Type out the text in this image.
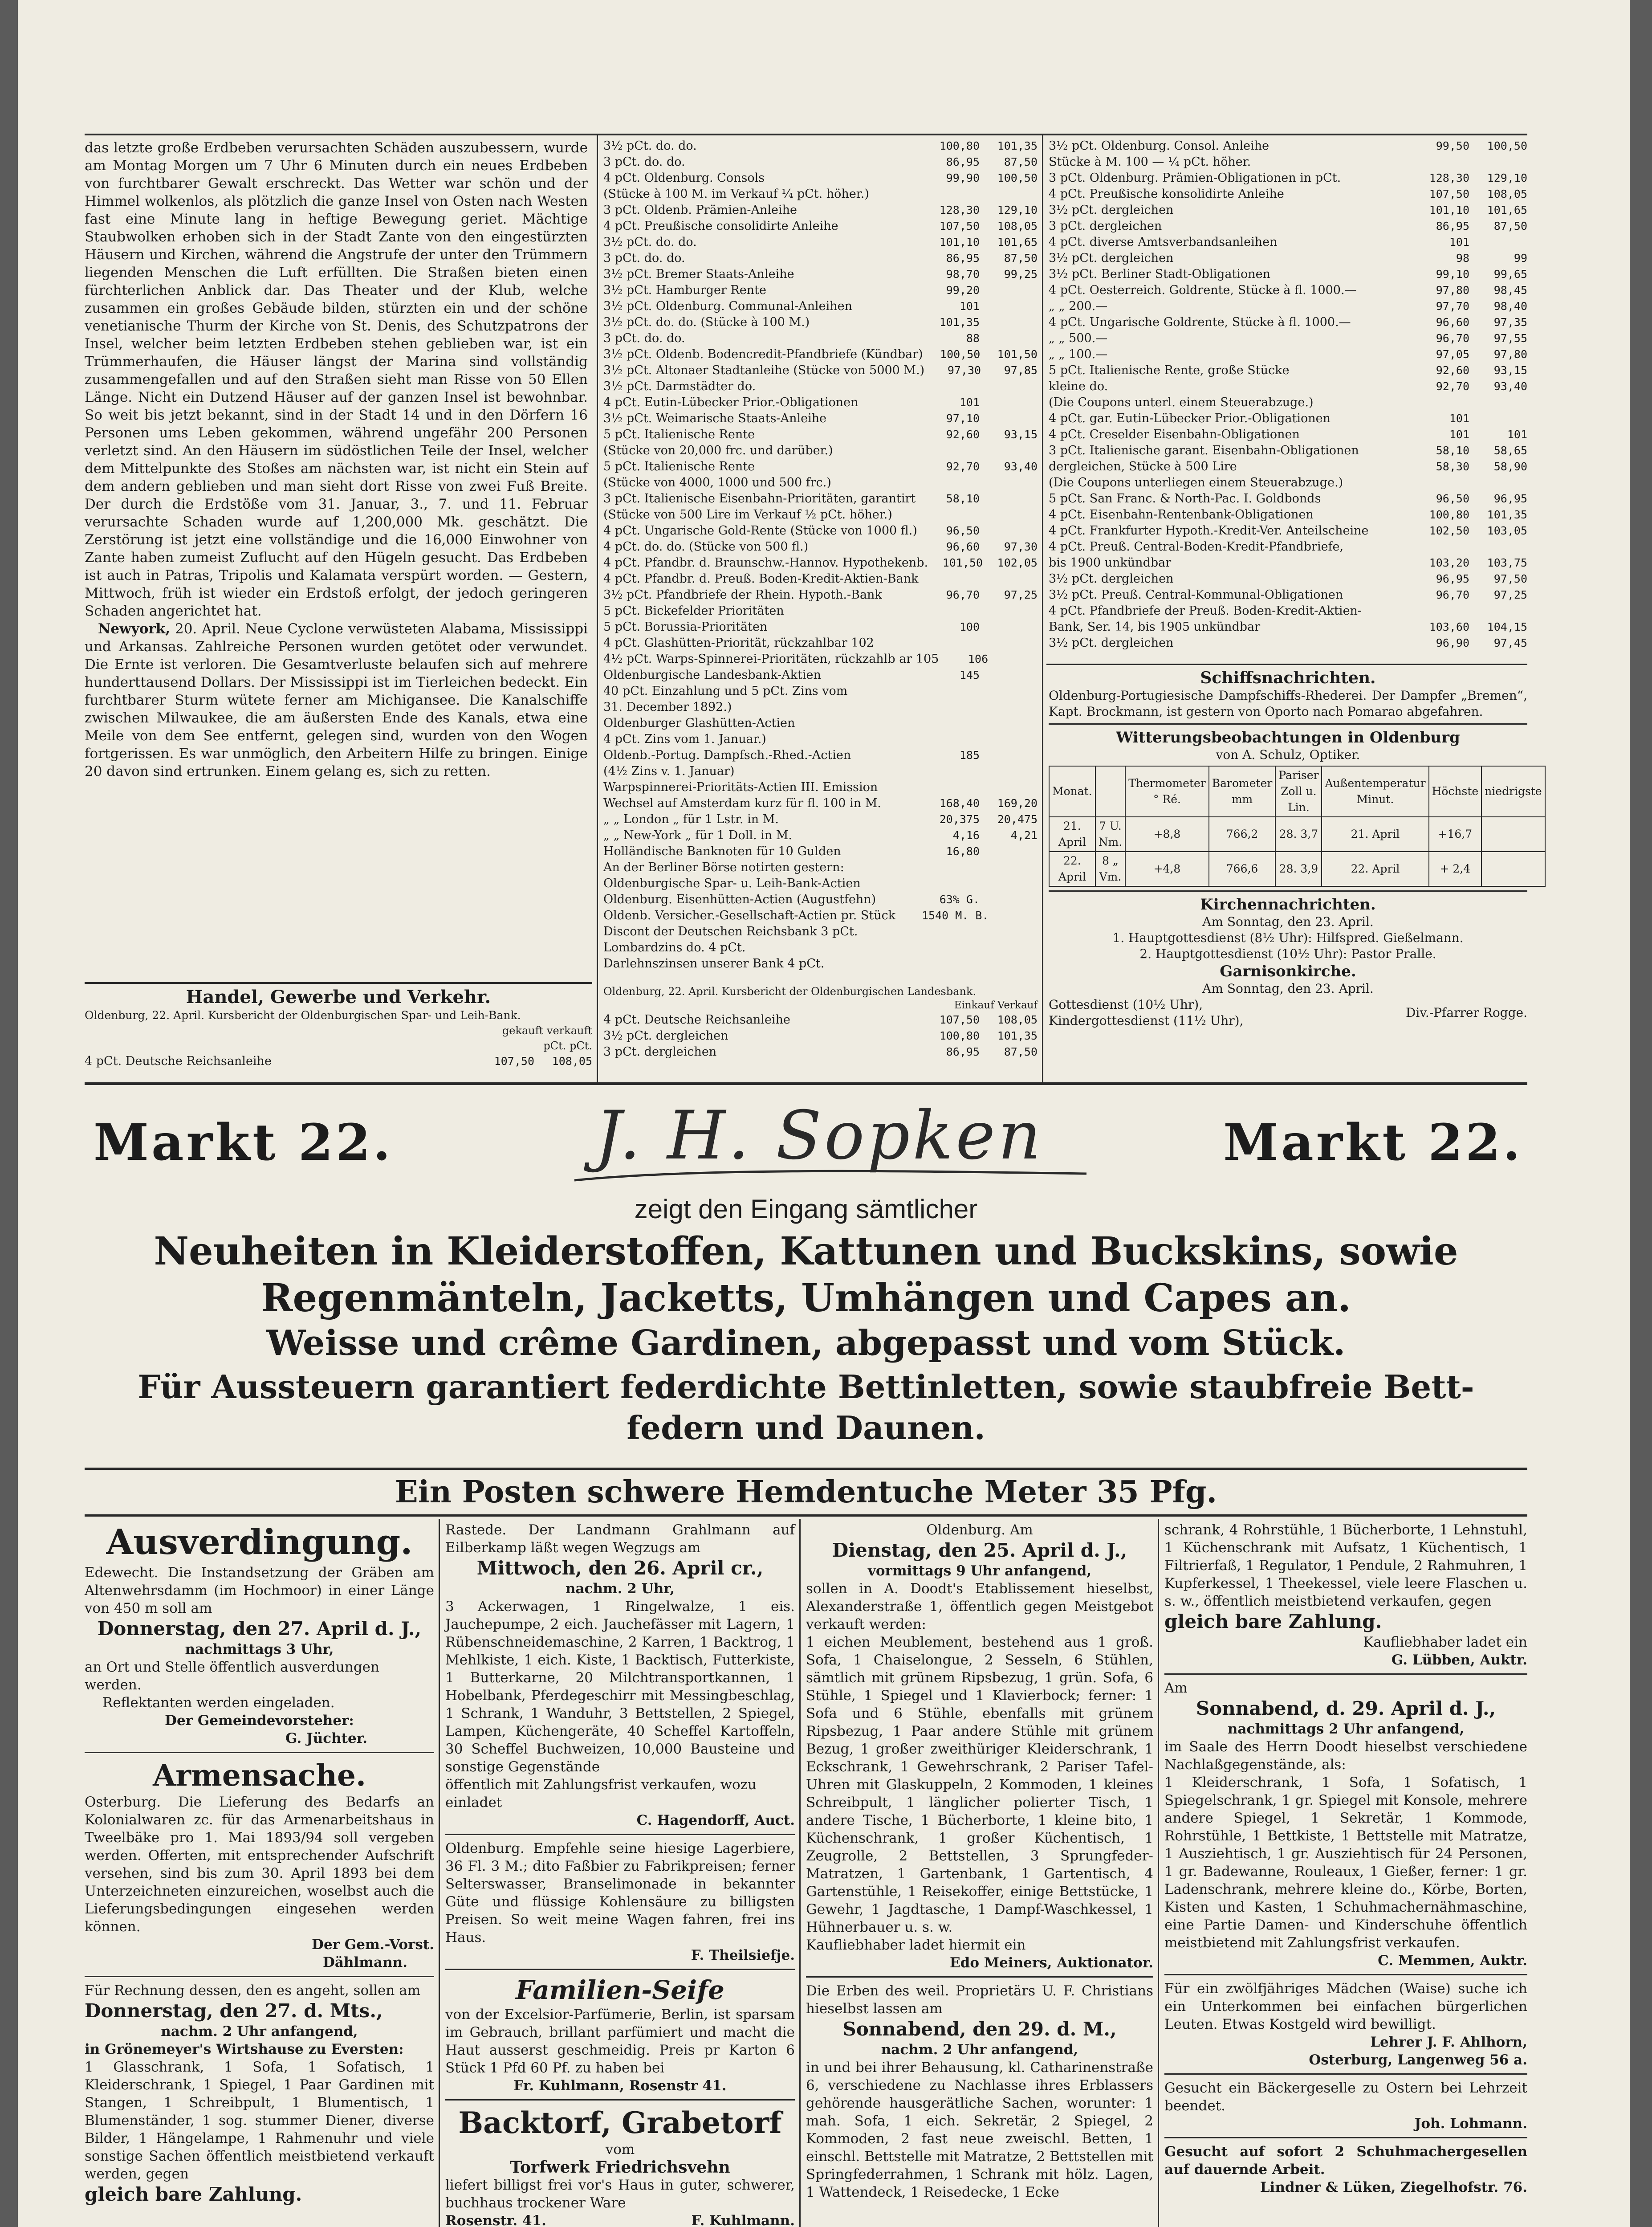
das letzte große Erdbeben verursachten Schäden auszubessern, wurde am Montag Morgen um 7 Uhr 6 Minuten durch ein neues Erdbeben von furchtbarer Gewalt erschreckt. Das Wetter war schön und der Himmel wolkenlos, als plötzlich die ganze Insel von Osten nach Westen fast eine Minute lang in heftige Bewegung geriet. Mächtige Staubwolken erhoben sich in der Stadt Zante von den eingestürzten Häusern und Kirchen, während die Angstrufe der unter den Trümmern liegenden Menschen die Luft erfüllten. Die Straßen bieten einen fürchterlichen Anblick dar. Das Theater und der Klub, welche zusammen ein großes Gebäude bilden, stürzten ein und der schöne venetianische Thurm der Kirche von St. Denis, des Schutzpatrons der Insel, welcher beim letzten Erdbeben stehen geblieben war, ist ein Trümmerhaufen, die Häuser längst der Marina sind vollständig zusammengefallen und auf den Straßen sieht man Risse von 50 Ellen Länge. Nicht ein Dutzend Häuser auf der ganzen Insel ist bewohnbar. So weit bis jetzt bekannt, sind in der Stadt 14 und in den Dörfern 16 Personen ums Leben gekommen, während ungefähr 200 Personen verletzt sind. An den Häusern im südöstlichen Teile der Insel, welcher dem Mittelpunkte des Stoßes am nächsten war, ist nicht ein Stein auf dem andern geblieben und man sieht dort Risse von zwei Fuß Breite. Der durch die Erdstöße vom 31. Januar, 3., 7. und 11. Februar verursachte Schaden wurde auf 1,200,000 Mk. geschätzt. Die Zerstörung ist jetzt eine vollständige und die 16,000 Einwohner von Zante haben zumeist Zuflucht auf den Hügeln gesucht. Das Erdbeben ist auch in Patras, Tripolis und Kalamata verspürt worden. — Gestern, Mittwoch, früh ist wieder ein Erdstoß erfolgt, der jedoch geringeren Schaden angerichtet hat.

Newyork, 20. April. Neue Cyclone verwüsteten Alabama, Mississippi und Arkansas. Zahlreiche Personen wurden getötet oder verwundet. Die Ernte ist verloren. Die Gesamtverluste belaufen sich auf mehrere hunderttausend Dollars. Der Mississippi ist im Tierleichen bedeckt. Ein furchtbarer Sturm wütete ferner am Michigansee. Die Kanalschiffe zwischen Milwaukee, die am äußersten Ende des Kanals, etwa eine Meile von dem See entfernt, gelegen sind, wurden von den Wogen fortgerissen. Es war unmöglich, den Arbeitern Hilfe zu bringen. Einige 20 davon sind ertrunken. Einem gelang es, sich zu retten.

Handel, Gewerbe und Verkehr.
Oldenburg, 22. April. Kursbericht der Oldenburgischen Spar- und Leih-Bank.
gekauft verkauft
pCt. pCt.
4 pCt. Deutsche Reichsanleihe	107,50	108,05
3½ pCt. do. do.	100,80	101,35
3 pCt. do. do.	86,95	87,50
4 pCt. Oldenburg. Consols	99,90	100,50
(Stücke à 100 M. im Verkauf ¼ pCt. höher.)
3 pCt. Oldenb. Prämien-Anleihe	128,30	129,10
4 pCt. Preußische consolidirte Anleihe	107,50	108,05
3½ pCt. do. do.	101,10	101,65
3 pCt. do. do.	86,95	87,50
3½ pCt. Bremer Staats-Anleihe	98,70	99,25
3½ pCt. Hamburger Rente	99,20
3½ pCt. Oldenburg. Communal-Anleihen	101
3½ pCt. do. do. (Stücke à 100 M.)	101,35
3 pCt. do. do.	88
3½ pCt. Oldenb. Bodencredit-Pfandbriefe (Kündbar)	100,50	101,50
3½ pCt. Altonaer Stadtanleihe (Stücke von 5000 M.)	97,30	97,85
3½ pCt. Darmstädter do.
4 pCt. Eutin-Lübecker Prior.-Obligationen	101
3½ pCt. Weimarische Staats-Anleihe	97,10
5 pCt. Italienische Rente	92,60	93,15
(Stücke von 20,000 frc. und darüber.)
5 pCt. Italienische Rente	92,70	93,40
(Stücke von 4000, 1000 und 500 frc.)
3 pCt. Italienische Eisenbahn-Prioritäten, garantirt	58,10
(Stücke von 500 Lire im Verkauf ½ pCt. höher.)
4 pCt. Ungarische Gold-Rente (Stücke von 1000 fl.)	96,50
4 pCt. do. do. (Stücke von 500 fl.)	96,60	97,30
4 pCt. Pfandbr. d. Braunschw.-Hannov. Hypothekenb.	101,50	102,05
4 pCt. Pfandbr. d. Preuß. Boden-Kredit-Aktien-Bank
3½ pCt. Pfandbriefe der Rhein. Hypoth.-Bank	96,70	97,25
5 pCt. Bickefelder Prioritäten
5 pCt. Borussia-Prioritäten	100
4 pCt. Glashütten-Priorität, rückzahlbar 102
4½ pCt. Warps-Spinnerei-Prioritäten, rückzahlb ar 105	106
Oldenburgische Landesbank-Aktien	145
40 pCt. Einzahlung und 5 pCt. Zins vom
31. December 1892.)
Oldenburger Glashütten-Actien
4 pCt. Zins vom 1. Januar.)
Oldenb.-Portug. Dampfsch.-Rhed.-Actien	185
(4½ Zins v. 1. Januar)
Warpspinnerei-Prioritäts-Actien III. Emission
Wechsel auf Amsterdam kurz für fl. 100 in M.	168,40	169,20
„ „ London „ für 1 Lstr. in M.	20,375	20,475
„ „ New-York „ für 1 Doll. in M.	4,16	4,21
Holländische Banknoten für 10 Gulden	16,80
An der Berliner Börse notirten gestern:
Oldenburgische Spar- u. Leih-Bank-Actien
Oldenburg. Eisenhütten-Actien (Augustfehn)	63% G.
Oldenb. Versicher.-Gesellschaft-Actien pr. Stück	1540 M. B.
Discont der Deutschen Reichsbank 3 pCt.
Lombardzins do. 4 pCt.
Darlehnszinsen unserer Bank 4 pCt.
Oldenburg, 22. April. Kursbericht der Oldenburgischen Landesbank.
Einkauf Verkauf
4 pCt. Deutsche Reichsanleihe	107,50	108,05
3½ pCt. dergleichen	100,80	101,35
3 pCt. dergleichen	86,95	87,50
3½ pCt. Oldenburg. Consol. Anleihe	99,50	100,50
Stücke à M. 100 — ¼ pCt. höher.
3 pCt. Oldenburg. Prämien-Obligationen in pCt.	128,30	129,10
4 pCt. Preußische konsolidirte Anleihe	107,50	108,05
3½ pCt. dergleichen	101,10	101,65
3 pCt. dergleichen	86,95	87,50
4 pCt. diverse Amtsverbandsanleihen	101
3½ pCt. dergleichen	98	99
3½ pCt. Berliner Stadt-Obligationen	99,10	99,65
4 pCt. Oesterreich. Goldrente, Stücke à fl. 1000.—	97,80	98,45
„ „ 200.—	97,70	98,40
4 pCt. Ungarische Goldrente, Stücke à fl. 1000.—	96,60	97,35
„ „ 500.—	96,70	97,55
„ „ 100.—	97,05	97,80
5 pCt. Italienische Rente, große Stücke	92,60	93,15
kleine do.	92,70	93,40
(Die Coupons unterl. einem Steuerabzuge.)
4 pCt. gar. Eutin-Lübecker Prior.-Obligationen	101
4 pCt. Creselder Eisenbahn-Obligationen	101	101
3 pCt. Italienische garant. Eisenbahn-Obligationen	58,10	58,65
dergleichen, Stücke à 500 Lire	58,30	58,90
(Die Coupons unterliegen einem Steuerabzuge.)
5 pCt. San Franc. & North-Pac. I. Goldbonds	96,50	96,95
4 pCt. Eisenbahn-Rentenbank-Obligationen	100,80	101,35
4 pCt. Frankfurter Hypoth.-Kredit-Ver. Anteilscheine	102,50	103,05
4 pCt. Preuß. Central-Boden-Kredit-Pfandbriefe,
bis 1900 unkündbar	103,20	103,75
3½ pCt. dergleichen	96,95	97,50
3½ pCt. Preuß. Central-Kommunal-Obligationen	96,70	97,25
4 pCt. Pfandbriefe der Preuß. Boden-Kredit-Aktien-
Bank, Ser. 14, bis 1905 unkündbar	103,60	104,15
3½ pCt. dergleichen	96,90	97,45
Schiffsnachrichten.
Oldenburg-Portugiesische Dampfschiffs-Rhederei. Der Dampfer „Bremen“, Kapt. Brockmann, ist gestern von Oporto nach Pomarao abgefahren.
Witterungsbeobachtungen in Oldenburg
von A. Schulz, Optiker.
Monat.		Thermometer ° Ré.	Barometer mm	Pariser Zoll u. Lin.	Außentemperatur Minut.	Höchste	niedrigste
21. April	7 U. Nm.	+8,8	766,2	28. 3,7	21. April	+16,7	
22. April	8 „ Vm.	+4,8	766,6	28. 3,9	22. April	+ 2,4	
Kirchennachrichten.
Am Sonntag, den 23. April.
1. Hauptgottesdienst (8½ Uhr): Hilfspred. Gießelmann.
2. Hauptgottesdienst (10½ Uhr): Pastor Pralle.
Garnisonkirche.
Am Sonntag, den 23. April.
Gottesdienst (10½ Uhr),
Kindergottesdienst (11½ Uhr),
Div.-Pfarrer Rogge.
Markt 22.	Markt 22.
J. H. Sopken
zeigt den Eingang sämtlicher
Neuheiten in Kleiderstoffen, Kattunen und Buckskins, sowie
Regenmänteln, Jacketts, Umhängen und Capes an.
Weisse und crême Gardinen, abgepasst und vom Stück.
Für Aussteuern garantiert federdichte Bettinletten, sowie staubfreie Bett-
federn und Daunen.
Ein Posten schwere Hemdentuche Meter 35 Pfg.
Ausverdingung.
Edewecht. Die Instandsetzung der Gräben am Altenwehrsdamm (im Hochmoor) in einer Länge von 450 m soll am
Donnerstag, den 27. April d. J.,
nachmittags 3 Uhr,
an Ort und Stelle öffentlich ausverdungen werden.
Reflektanten werden eingeladen.
Der Gemeindevorsteher:
G. Jüchter.
Armensache.
Osterburg. Die Lieferung des Bedarfs an Kolonialwaren zc. für das Armenarbeitshaus in Tweelbäke pro 1. Mai 1893/94 soll vergeben werden. Offerten, mit entsprechender Aufschrift versehen, sind bis zum 30. April 1893 bei dem Unterzeichneten einzureichen, woselbst auch die Lieferungsbedingungen eingesehen werden können.
Der Gem.-Vorst.
Dählmann.
Für Rechnung dessen, den es angeht, sollen am
Donnerstag, den 27. d. Mts.,
nachm. 2 Uhr anfangend,
in Grönemeyer's Wirtshause zu Eversten:
1 Glasschrank, 1 Sofa, 1 Sofatisch, 1 Kleiderschrank, 1 Spiegel, 1 Paar Gardinen mit Stangen, 1 Schreibpult, 1 Blumentisch, 1 Blumenständer, 1 sog. stummer Diener, diverse Bilder, 1 Hängelampe, 1 Rahmenuhr und viele sonstige Sachen öffentlich meistbietend verkauft werden, gegen
gleich bare Zahlung.
Rastede. Der Landmann Grahlmann auf Eilberkamp läßt wegen Wegzugs am
Mittwoch, den 26. April cr.,
nachm. 2 Uhr,
3 Ackerwagen, 1 Ringelwalze, 1 eis. Jauchepumpe, 2 eich. Jauchefässer mit Lagern, 1 Rübenschneidemaschine, 2 Karren, 1 Backtrog, 1 Mehlkiste, 1 eich. Kiste, 1 Backtisch, Futterkiste, 1 Butterkarne, 20 Milchtransportkannen, 1 Hobelbank, Pferdegeschirr mit Messingbeschlag, 1 Schrank, 1 Wanduhr, 3 Bettstellen, 2 Spiegel, Lampen, Küchengeräte, 40 Scheffel Kartoffeln, 30 Scheffel Buchweizen, 10,000 Bausteine und sonstige Gegenstände
öffentlich mit Zahlungsfrist verkaufen, wozu einladet
C. Hagendorff, Auct.
Oldenburg. Empfehle seine hiesige Lagerbiere, 36 Fl. 3 M.; dito Faßbier zu Fabrikpreisen; ferner Selterswasser, Branselimonade in bekannter Güte und flüssige Kohlensäure zu billigsten Preisen. So weit meine Wagen fahren, frei ins Haus.
F. Theilsiefje.
Familien-Seife
von der Excelsior-Parfümerie, Berlin, ist sparsam im Gebrauch, brillant parfümiert und macht die Haut ausserst geschmeidig. Preis pr Karton 6 Stück 1 Pfd 60 Pf. zu haben bei
Fr. Kuhlmann, Rosenstr 41.
Backtorf, Grabetorf
vom
Torfwerk Friedrichsvehn
liefert billigst frei vor's Haus in guter, schwerer, buchhaus trockener Ware
Rosenstr. 41.	F. Kuhlmann.
Oldenburg. Am
Dienstag, den 25. April d. J.,
vormittags 9 Uhr anfangend,
sollen in A. Doodt's Etablissement hieselbst, Alexanderstraße 1, öffentlich gegen Meistgebot verkauft werden:
1 eichen Meublement, bestehend aus 1 groß. Sofa, 1 Chaiselongue, 2 Sesseln, 6 Stühlen, sämtlich mit grünem Ripsbezug, 1 grün. Sofa, 6 Stühle, 1 Spiegel und 1 Klavierbock; ferner: 1 Sofa und 6 Stühle, ebenfalls mit grünem Ripsbezug, 1 Paar andere Stühle mit grünem Bezug, 1 großer zweithüriger Kleiderschrank, 1 Eckschrank, 1 Gewehrschrank, 2 Pariser Tafel-Uhren mit Glaskuppeln, 2 Kommoden, 1 kleines Schreibpult, 1 länglicher polierter Tisch, 1 andere Tische, 1 Bücherborte, 1 kleine bito, 1 Küchenschrank, 1 großer Küchentisch, 1 Zeugrolle, 2 Bettstellen, 3 Sprungfeder-Matratzen, 1 Gartenbank, 1 Gartentisch, 4 Gartenstühle, 1 Reisekoffer, einige Bettstücke, 1 Gewehr, 1 Jagdtasche, 1 Dampf-Waschkessel, 1 Hühnerbauer u. s. w.
Kaufliebhaber ladet hiermit ein
Edo Meiners, Auktionator.
Die Erben des weil. Proprietärs U. F. Christians hieselbst lassen am
Sonnabend, den 29. d. M.,
nachm. 2 Uhr anfangend,
in und bei ihrer Behausung, kl. Catharinenstraße 6, verschiedene zu Nachlasse ihres Erblassers gehörende hausgerätliche Sachen, worunter: 1 mah. Sofa, 1 eich. Sekretär, 2 Spiegel, 2 Kommoden, 2 fast neue zweischl. Betten, 1 einschl. Bettstelle mit Matratze, 2 Bettstellen mit Springfederrahmen, 1 Schrank mit hölz. Lagen, 1 Wattendeck, 1 Reisedecke, 1 Ecke
schrank, 4 Rohrstühle, 1 Bücherborte, 1 Lehnstuhl, 1 Küchenschrank mit Aufsatz, 1 Küchentisch, 1 Filtrierfaß, 1 Regulator, 1 Pendule, 2 Rahmuhren, 1 Kupferkessel, 1 Theekessel, viele leere Flaschen u. s. w., öffentlich meistbietend verkaufen, gegen
gleich bare Zahlung.
Kaufliebhaber ladet ein
G. Lübben, Auktr.
Am
Sonnabend, d. 29. April d. J.,
nachmittags 2 Uhr anfangend,
im Saale des Herrn Doodt hieselbst verschiedene Nachlaßgegenstände, als:
1 Kleiderschrank, 1 Sofa, 1 Sofatisch, 1 Spiegelschrank, 1 gr. Spiegel mit Konsole, mehrere andere Spiegel, 1 Sekretär, 1 Kommode, Rohrstühle, 1 Bettkiste, 1 Bettstelle mit Matratze, 1 Ausziehtisch, 1 gr. Ausziehtisch für 24 Personen, 1 gr. Badewanne, Rouleaux, 1 Gießer, ferner: 1 gr. Ladenschrank, mehrere kleine do., Körbe, Borten, Kisten und Kasten, 1 Schuhmachernähmaschine, eine Partie Damen- und Kinderschuhe öffentlich meistbietend mit Zahlungsfrist verkaufen.
C. Memmen, Auktr.
Für ein zwölfjähriges Mädchen (Waise) suche ich ein Unterkommen bei einfachen bürgerlichen Leuten. Etwas Kostgeld wird bewilligt.
Lehrer J. F. Ahlhorn,
Osterburg, Langenweg 56 a.
Gesucht ein Bäckergeselle zu Ostern bei Lehrzeit beendet.
Joh. Lohmann.
Gesucht auf sofort 2 Schuhmachergesellen auf dauernde Arbeit.
Lindner & Lüken, Ziegelhofstr. 76.
